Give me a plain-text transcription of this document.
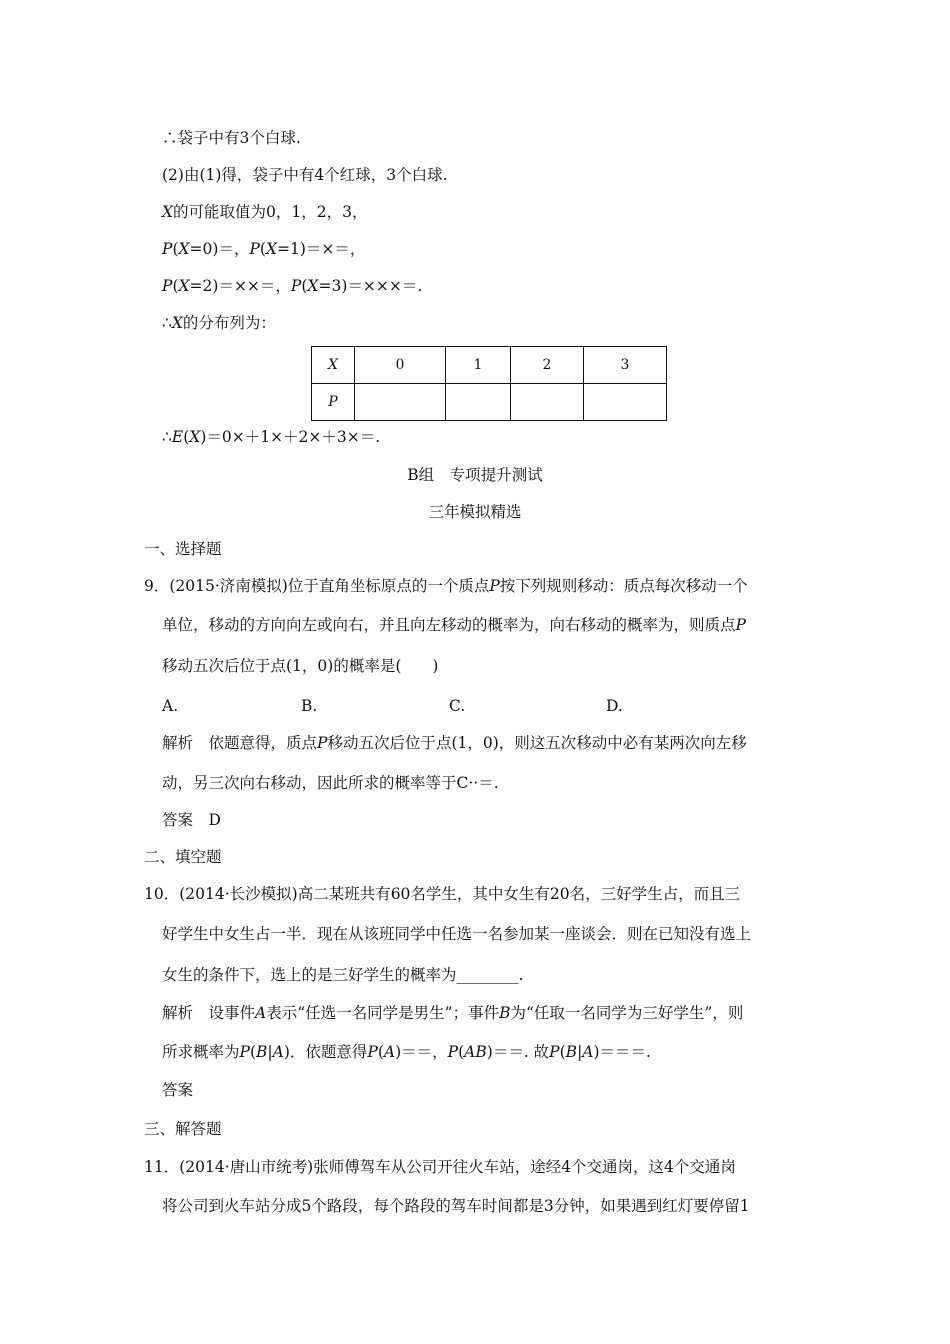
∴袋子中有3个白球.
(2)由(1)得，袋子中有4个红球，3个白球.
X的可能取值为0，1，2，3，
P(X=0)＝，P(X=1)＝×＝，
P(X=2)＝××＝，P(X=3)＝×××＝.
∴X的分布列为：
X	0	1	2	3
P				
∴E(X)＝0×＋1×＋2×＋3×＝.
B组　专项提升测试
三年模拟精选
一、选择题
9．(2015·济南模拟)位于直角坐标原点的一个质点P按下列规则移动：质点每次移动一个
单位，移动的方向向左或向右，并且向左移动的概率为，向右移动的概率为，则质点P
移动五次后位于点(1，0)的概率是(　　)
A.	B.	C.	D.
解析　依题意得，质点P移动五次后位于点(1，0)，则这五次移动中必有某两次向左移
动，另三次向右移动，因此所求的概率等于C··＝.
答案　D
二、填空题
10．(2014·长沙模拟)高二某班共有60名学生，其中女生有20名，三好学生占，而且三
好学生中女生占一半．现在从该班同学中任选一名参加某一座谈会．则在已知没有选上
女生的条件下，选上的是三好学生的概率为________.
解析　设事件A表示“任选一名同学是男生”；事件B为“任取一名同学为三好学生”，则
所求概率为P(B|A)．依题意得P(A)＝＝，P(AB)＝＝. 故P(B|A)＝＝＝.
答案
三、解答题
11．(2014·唐山市统考)张师傅驾车从公司开往火车站，途经4个交通岗，这4个交通岗
将公司到火车站分成5个路段，每个路段的驾车时间都是3分钟，如果遇到红灯要停留1
